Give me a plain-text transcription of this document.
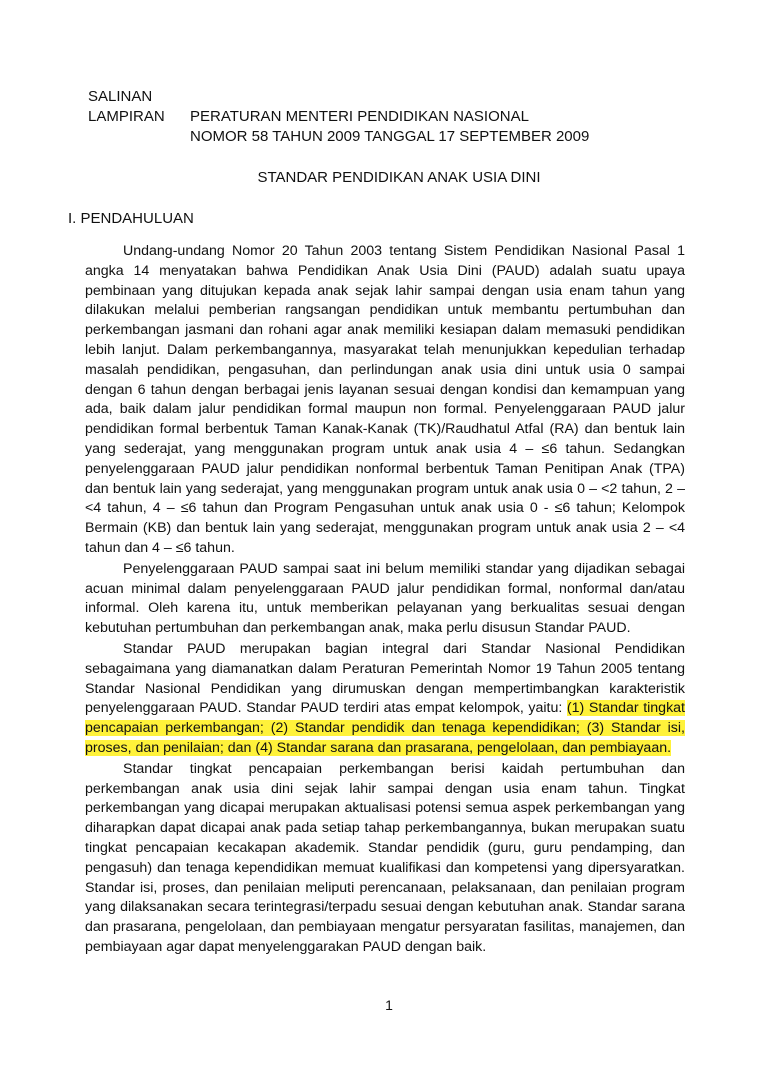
SALINAN
LAMPIRAN PERATURAN MENTERI PENDIDIKAN NASIONAL
NOMOR 58 TAHUN 2009 TANGGAL 17 SEPTEMBER 2009
STANDAR PENDIDIKAN ANAK USIA DINI
I. PENDAHULUAN

Undang-undang Nomor 20 Tahun 2003 tentang Sistem Pendidikan Nasional Pasal 1 angka 14 menyatakan bahwa Pendidikan Anak Usia Dini (PAUD) adalah suatu upaya pembinaan yang ditujukan kepada anak sejak lahir sampai dengan usia enam tahun yang dilakukan melalui pemberian rangsangan pendidikan untuk membantu pertumbuhan dan perkembangan jasmani dan rohani agar anak memiliki kesiapan dalam memasuki pendidikan lebih lanjut. Dalam perkembangannya, masyarakat telah menunjukkan kepedulian terhadap masalah pendidikan, pengasuhan, dan perlindungan anak usia dini untuk usia 0 sampai dengan 6 tahun dengan berbagai jenis layanan sesuai dengan kondisi dan kemampuan yang ada, baik dalam jalur pendidikan formal maupun non formal. Penyelenggaraan PAUD jalur pendidikan formal berbentuk Taman Kanak-Kanak (TK)/Raudhatul Atfal (RA) dan bentuk lain yang sederajat, yang menggunakan program untuk anak usia 4 – ≤6 tahun. Sedangkan penyelenggaraan PAUD jalur pendidikan nonformal berbentuk Taman Penitipan Anak (TPA) dan bentuk lain yang sederajat, yang menggunakan program untuk anak usia 0 – <2 tahun, 2 – <4 tahun, 4 – ≤6 tahun dan Program Pengasuhan untuk anak usia 0 - ≤6 tahun; Kelompok Bermain (KB) dan bentuk lain yang sederajat, menggunakan program untuk anak usia 2 – <4 tahun dan 4 – ≤6 tahun.

Penyelenggaraan PAUD sampai saat ini belum memiliki standar yang dijadikan sebagai acuan minimal dalam penyelenggaraan PAUD jalur pendidikan formal, nonformal dan/atau informal. Oleh karena itu, untuk memberikan pelayanan yang berkualitas sesuai dengan kebutuhan pertumbuhan dan perkembangan anak, maka perlu disusun Standar PAUD.

Standar PAUD merupakan bagian integral dari Standar Nasional Pendidikan sebagaimana yang diamanatkan dalam Peraturan Pemerintah Nomor 19 Tahun 2005 tentang Standar Nasional Pendidikan yang dirumuskan dengan mempertimbangkan karakteristik penyelenggaraan PAUD. Standar PAUD terdiri atas empat kelompok, yaitu: (1) Standar tingkat pencapaian perkembangan; (2) Standar pendidik dan tenaga kependidikan; (3) Standar isi, proses, dan penilaian; dan (4) Standar sarana dan prasarana, pengelolaan, dan pembiayaan.

Standar tingkat pencapaian perkembangan berisi kaidah pertumbuhan dan perkembangan anak usia dini sejak lahir sampai dengan usia enam tahun. Tingkat perkembangan yang dicapai merupakan aktualisasi potensi semua aspek perkembangan yang diharapkan dapat dicapai anak pada setiap tahap perkembangannya, bukan merupakan suatu tingkat pencapaian kecakapan akademik. Standar pendidik (guru, guru pendamping, dan pengasuh) dan tenaga kependidikan memuat kualifikasi dan kompetensi yang dipersyaratkan. Standar isi, proses, dan penilaian meliputi perencanaan, pelaksanaan, dan penilaian program yang dilaksanakan secara terintegrasi/terpadu sesuai dengan kebutuhan anak. Standar sarana dan prasarana, pengelolaan, dan pembiayaan mengatur persyaratan fasilitas, manajemen, dan pembiayaan agar dapat menyelenggarakan PAUD dengan baik.

1
